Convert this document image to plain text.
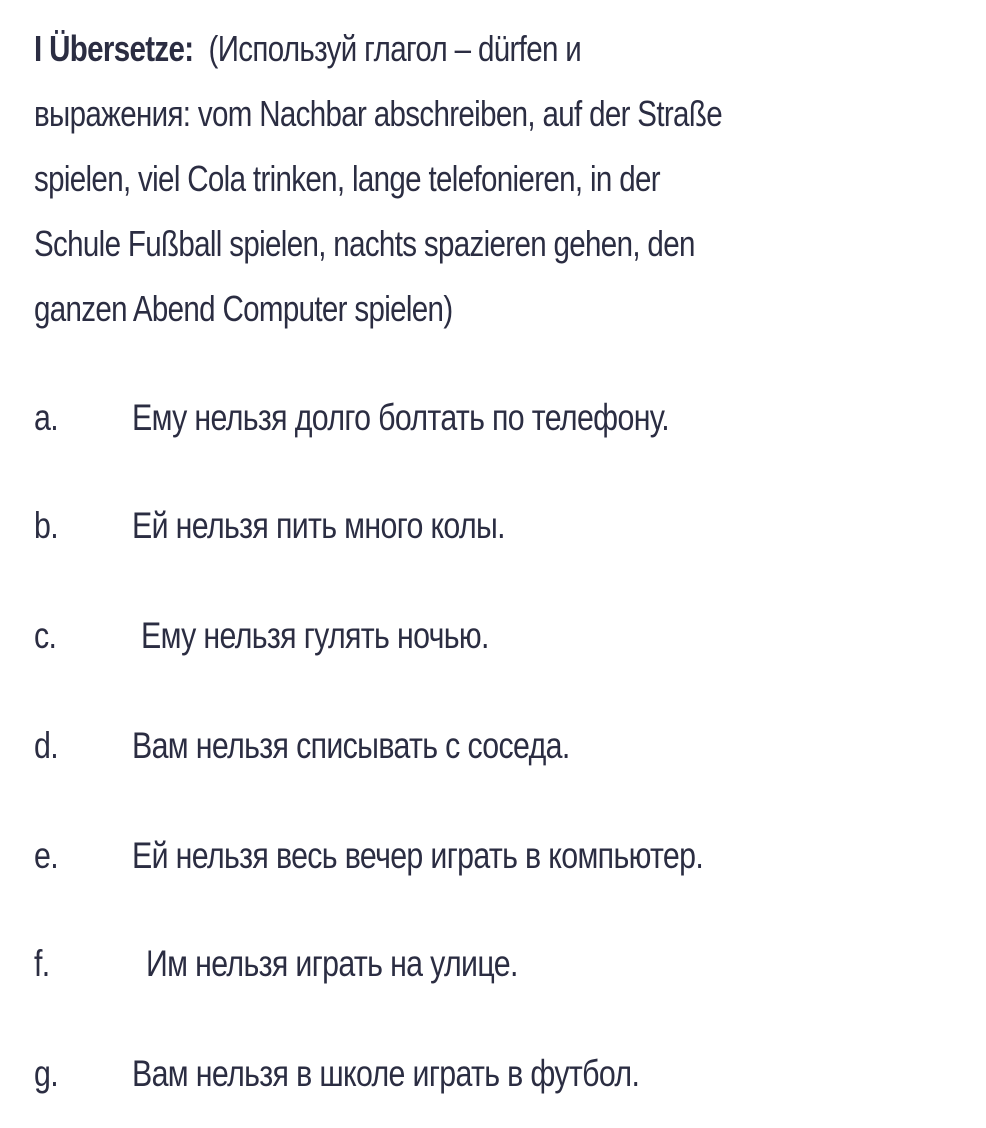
I Übersetze: (Используй глагол – dürfen и
выражения: vom Nachbar abschreiben, auf der Straße
spielen, viel Cola trinken, lange telefonieren, in der
Schule Fußball spielen, nachts spazieren gehen, den
ganzen Abend Computer spielen)
a. Ему нельзя долго болтать по телефону.
b. Ей нельзя пить много колы.
c. Ему нельзя гулять ночью.
d. Вам нельзя списывать с соседа.
e. Ей нельзя весь вечер играть в компьютер.
f.	Им нельзя играть на улице.
g. Вам нельзя в школе играть в футбол.
